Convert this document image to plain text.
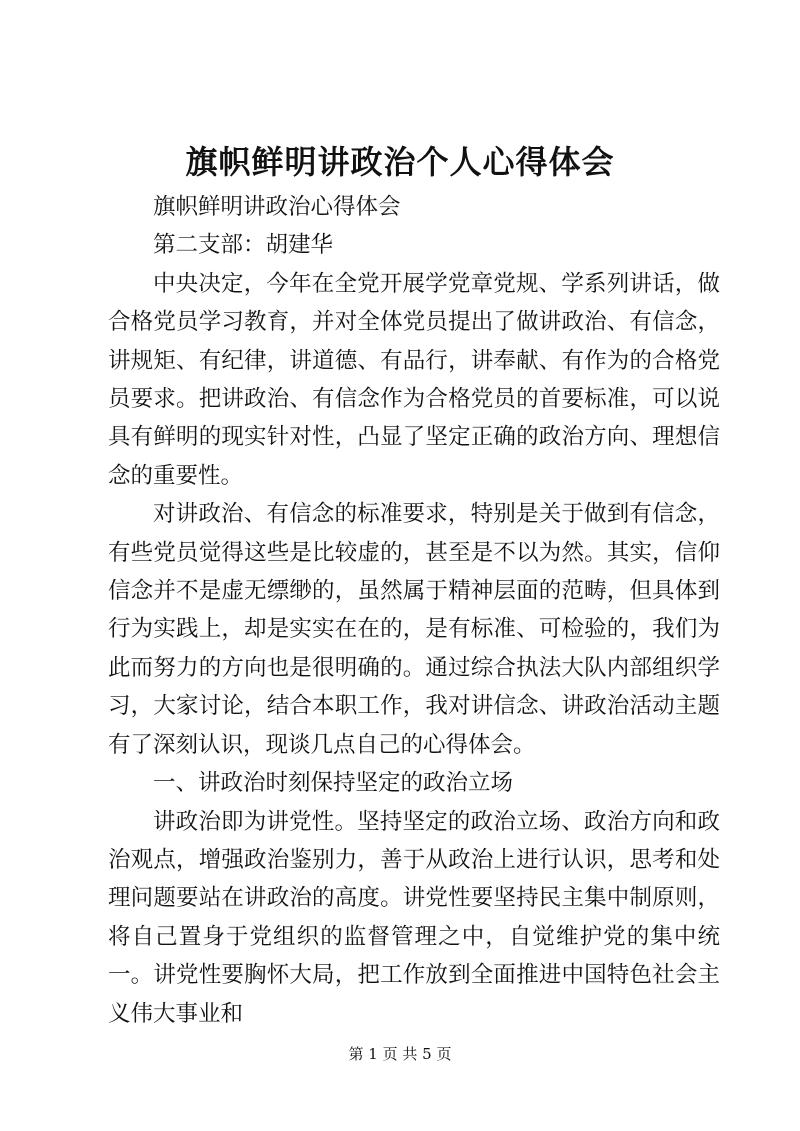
旗帜鲜明讲政治个人心得体会

旗帜鲜明讲政治心得体会

第二支部：胡建华

中央决定，今年在全党开展学党章党规、学系列讲话，做合格党员学习教育，并对全体党员提出了做讲政治、有信念，讲规矩、有纪律，讲道德、有品行，讲奉献、有作为的合格党员要求。把讲政治、有信念作为合格党员的首要标准，可以说具有鲜明的现实针对性，凸显了坚定正确的政治方向、理想信念的重要性。

对讲政治、有信念的标准要求，特别是关于做到有信念，有些党员觉得这些是比较虚的，甚至是不以为然。其实，信仰信念并不是虚无缥缈的，虽然属于精神层面的范畴，但具体到行为实践上，却是实实在在的，是有标准、可检验的，我们为此而努力的方向也是很明确的。通过综合执法大队内部组织学习，大家讨论，结合本职工作，我对讲信念、讲政治活动主题有了深刻认识，现谈几点自己的心得体会。

一、讲政治时刻保持坚定的政治立场

讲政治即为讲党性。坚持坚定的政治立场、政治方向和政治观点，增强政治鉴别力，善于从政治上进行认识，思考和处理问题要站在讲政治的高度。讲党性要坚持民主集中制原则，将自己置身于党组织的监督管理之中，自觉维护党的集中统一。讲党性要胸怀大局，把工作放到全面推进中国特色社会主义伟大事业和

第 1 页 共 5 页
